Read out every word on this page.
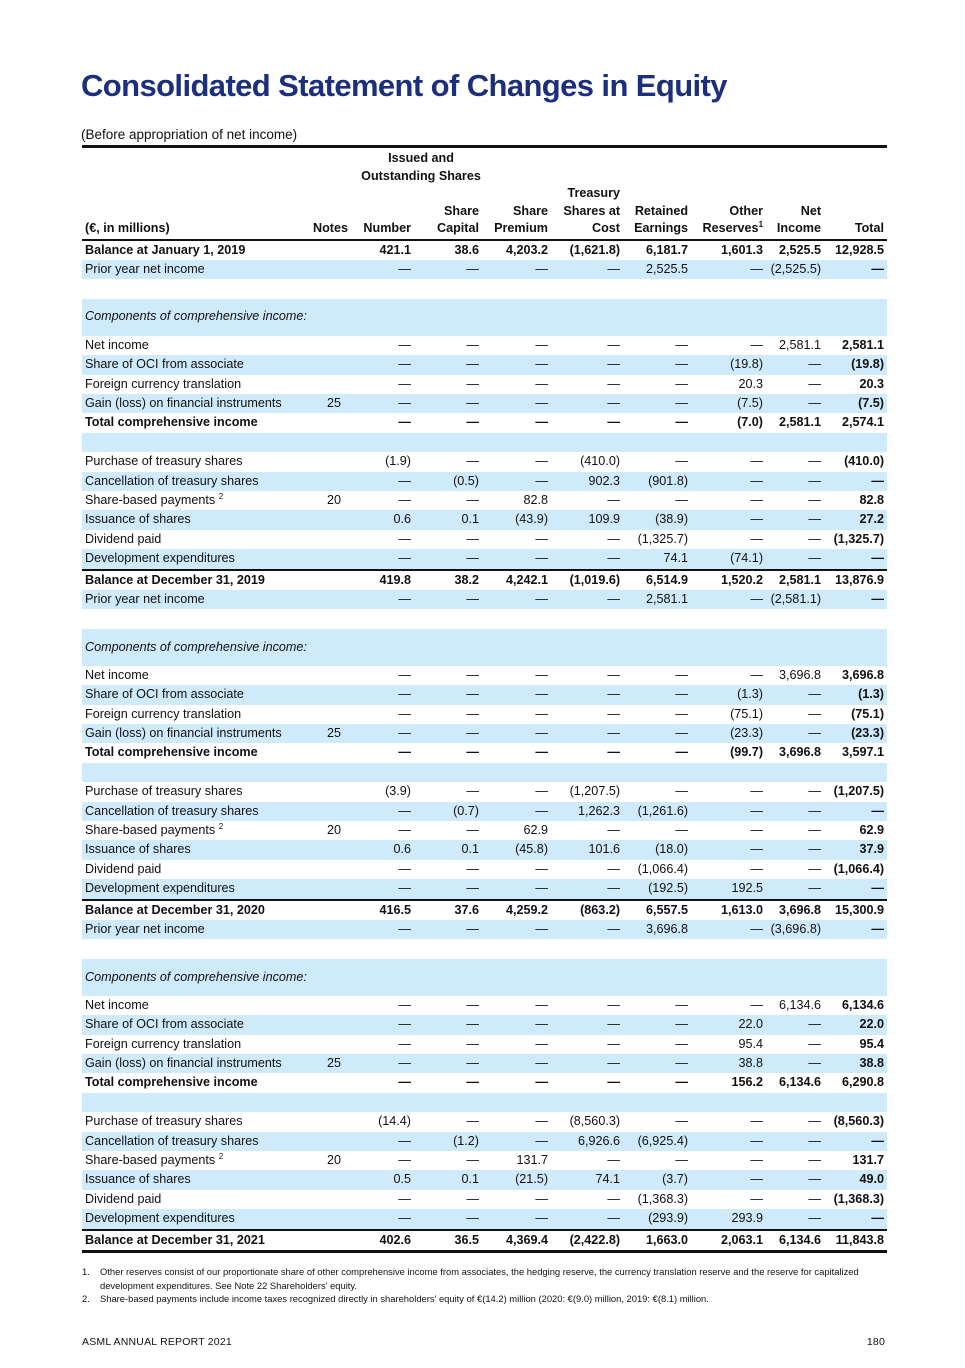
Consolidated Statement of Changes in Equity
(Before appropriation of net income)
		Issued and Outstanding Shares							
(€, in millions)	Notes	Number	Share Capital	Share Premium	Treasury Shares at Cost	Retained Earnings	Other Reserves$^1$	Net Income	Total
Balance at January 1, 2019		421.1	38.6	4,203.2	(1,621.8)	6,181.7	1,601.3	2,525.5	12,928.5
Prior year net income		—	—	—	—	2,525.5	—	(2,525.5)	—

Components of comprehensive income:									
Net income		—	—	—	—	—	—	2,581.1	2,581.1
Share of OCI from associate		—	—	—	—	—	(19.8)	—	(19.8)
Foreign currency translation		—	—	—	—	—	20.3	—	20.3
Gain (loss) on financial instruments	25	—	—	—	—	—	(7.5)	—	(7.5)
Total comprehensive income		—	—	—	—	—	(7.0)	2,581.1	2,574.1

Purchase of treasury shares		(1.9)	—	—	(410.0)	—	—	—	(410.0)
Cancellation of treasury shares		—	(0.5)	—	902.3	(901.8)	—	—	—
Share-based payments $^2$	20	—	—	82.8	—	—	—	—	82.8
Issuance of shares		0.6	0.1	(43.9)	109.9	(38.9)	—	—	27.2
Dividend paid		—	—	—	—	(1,325.7)	—	—	(1,325.7)
Development expenditures		—	—	—	—	74.1	(74.1)	—	—
Balance at December 31, 2019		419.8	38.2	4,242.1	(1,019.6)	6,514.9	1,520.2	2,581.1	13,876.9
Prior year net income		—	—	—	—	2,581.1	—	(2,581.1)	—

Components of comprehensive income:									
Net income		—	—	—	—	—	—	3,696.8	3,696.8
Share of OCI from associate		—	—	—	—	—	(1.3)	—	(1.3)
Foreign currency translation		—	—	—	—	—	(75.1)	—	(75.1)
Gain (loss) on financial instruments	25	—	—	—	—	—	(23.3)	—	(23.3)
Total comprehensive income		—	—	—	—	—	(99.7)	3,696.8	3,597.1

Purchase of treasury shares		(3.9)	—	—	(1,207.5)	—	—	—	(1,207.5)
Cancellation of treasury shares		—	(0.7)	—	1,262.3	(1,261.6)	—	—	—
Share-based payments $^2$	20	—	—	62.9	—	—	—	—	62.9
Issuance of shares		0.6	0.1	(45.8)	101.6	(18.0)	—	—	37.9
Dividend paid		—	—	—	—	(1,066.4)	—	—	(1,066.4)
Development expenditures		—	—	—	—	(192.5)	192.5	—	—
Balance at December 31, 2020		416.5	37.6	4,259.2	(863.2)	6,557.5	1,613.0	3,696.8	15,300.9
Prior year net income		—	—	—	—	3,696.8	—	(3,696.8)	—

Components of comprehensive income:									
Net income		—	—	—	—	—	—	6,134.6	6,134.6
Share of OCI from associate		—	—	—	—	—	22.0	—	22.0
Foreign currency translation		—	—	—	—	—	95.4	—	95.4
Gain (loss) on financial instruments	25	—	—	—	—	—	38.8	—	38.8
Total comprehensive income		—	—	—	—	—	156.2	6,134.6	6,290.8

Purchase of treasury shares		(14.4)	—	—	(8,560.3)	—	—	—	(8,560.3)
Cancellation of treasury shares		—	(1.2)	—	6,926.6	(6,925.4)	—	—	—
Share-based payments $^2$	20	—	—	131.7	—	—	—	—	131.7
Issuance of shares		0.5	0.1	(21.5)	74.1	(3.7)	—	—	49.0
Dividend paid		—	—	—	—	(1,368.3)	—	—	(1,368.3)
Development expenditures		—	—	—	—	(293.9)	293.9	—	—
Balance at December 31, 2021		402.6	36.5	4,369.4	(2,422.8)	1,663.0	2,063.1	6,134.6	11,843.8
1.	Other reserves consist of our proportionate share of other comprehensive income from associates, the hedging reserve, the currency translation reserve and the reserve for capitalized development expenditures. See Note 22 Shareholders' equity.
2.	Share-based payments include income taxes recognized directly in shareholders' equity of €(14.2) million (2020: €(9.0) million, 2019: €(8.1) million.
ASML ANNUAL REPORT 2021	180
